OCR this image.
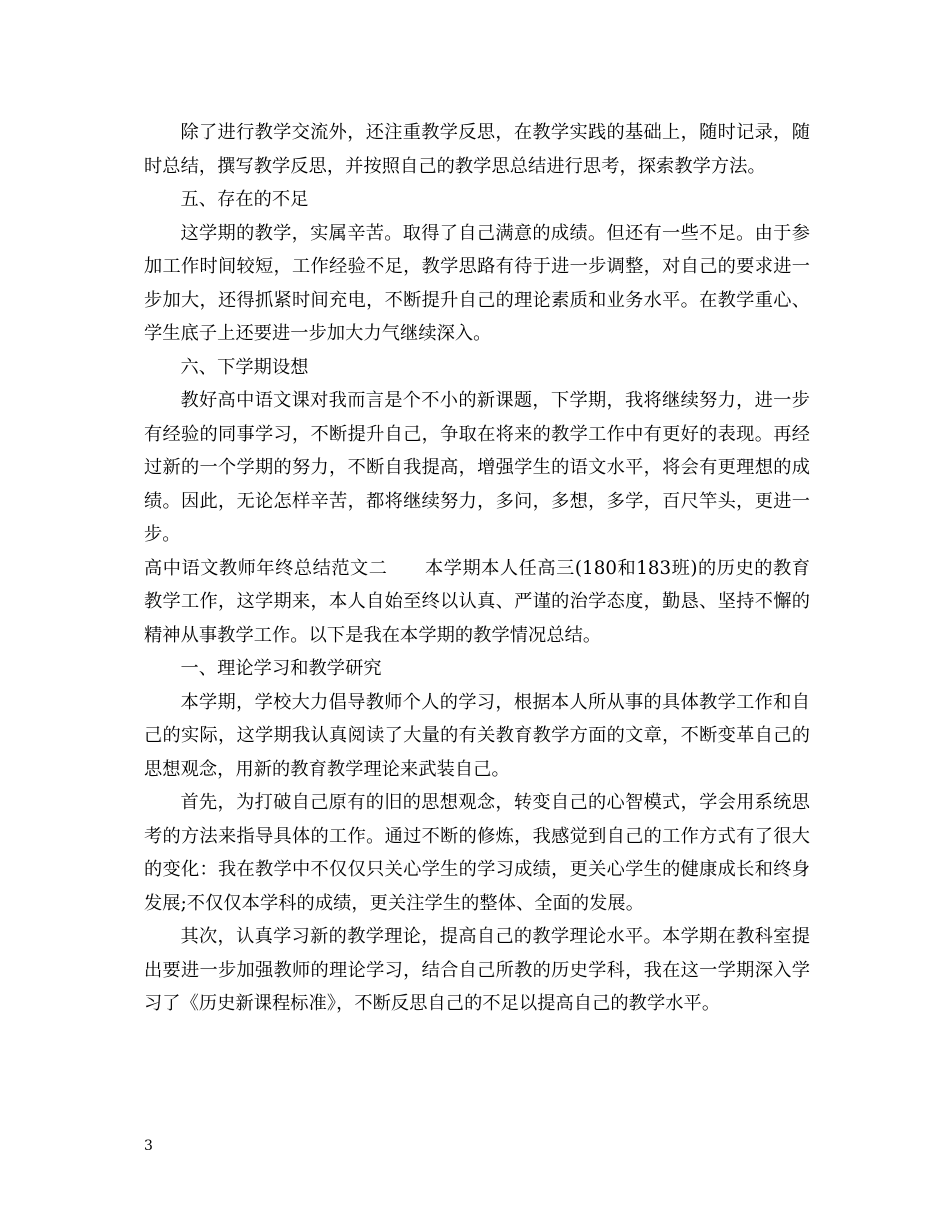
除了进行教学交流外，还注重教学反思，在教学实践的基础上，随时记录，随时总结，撰写教学反思，并按照自己的教学思总结进行思考，探索教学方法。

五、存在的不足

这学期的教学，实属辛苦。取得了自己满意的成绩。但还有一些不足。由于参加工作时间较短，工作经验不足，教学思路有待于进一步调整，对自己的要求进一步加大，还得抓紧时间充电，不断提升自己的理论素质和业务水平。在教学重心、学生底子上还要进一步加大力气继续深入。

六、下学期设想

教好高中语文课对我而言是个不小的新课题，下学期，我将继续努力，进一步有经验的同事学习，不断提升自己，争取在将来的教学工作中有更好的表现。再经过新的一个学期的努力，不断自我提高，增强学生的语文水平，将会有更理想的成绩。因此，无论怎样辛苦，都将继续努力，多问，多想，多学，百尺竿头，更进一步。

高中语文教师年终总结范文二　　本学期本人任高三(180和183班)的历史的教育教学工作，这学期来，本人自始至终以认真、严谨的治学态度，勤恳、坚持不懈的精神从事教学工作。以下是我在本学期的教学情况总结。

一、理论学习和教学研究

本学期，学校大力倡导教师个人的学习，根据本人所从事的具体教学工作和自己的实际，这学期我认真阅读了大量的有关教育教学方面的文章，不断变革自己的思想观念，用新的教育教学理论来武装自己。

首先，为打破自己原有的旧的思想观念，转变自己的心智模式，学会用系统思考的方法来指导具体的工作。通过不断的修炼，我感觉到自己的工作方式有了很大的变化：我在教学中不仅仅只关心学生的学习成绩，更关心学生的健康成长和终身发展;不仅仅本学科的成绩，更关注学生的整体、全面的发展。

其次，认真学习新的教学理论，提高自己的教学理论水平。本学期在教科室提出要进一步加强教师的理论学习，结合自己所教的历史学科，我在这一学期深入学习了《历史新课程标准》，不断反思自己的不足以提高自己的教学水平。

3
